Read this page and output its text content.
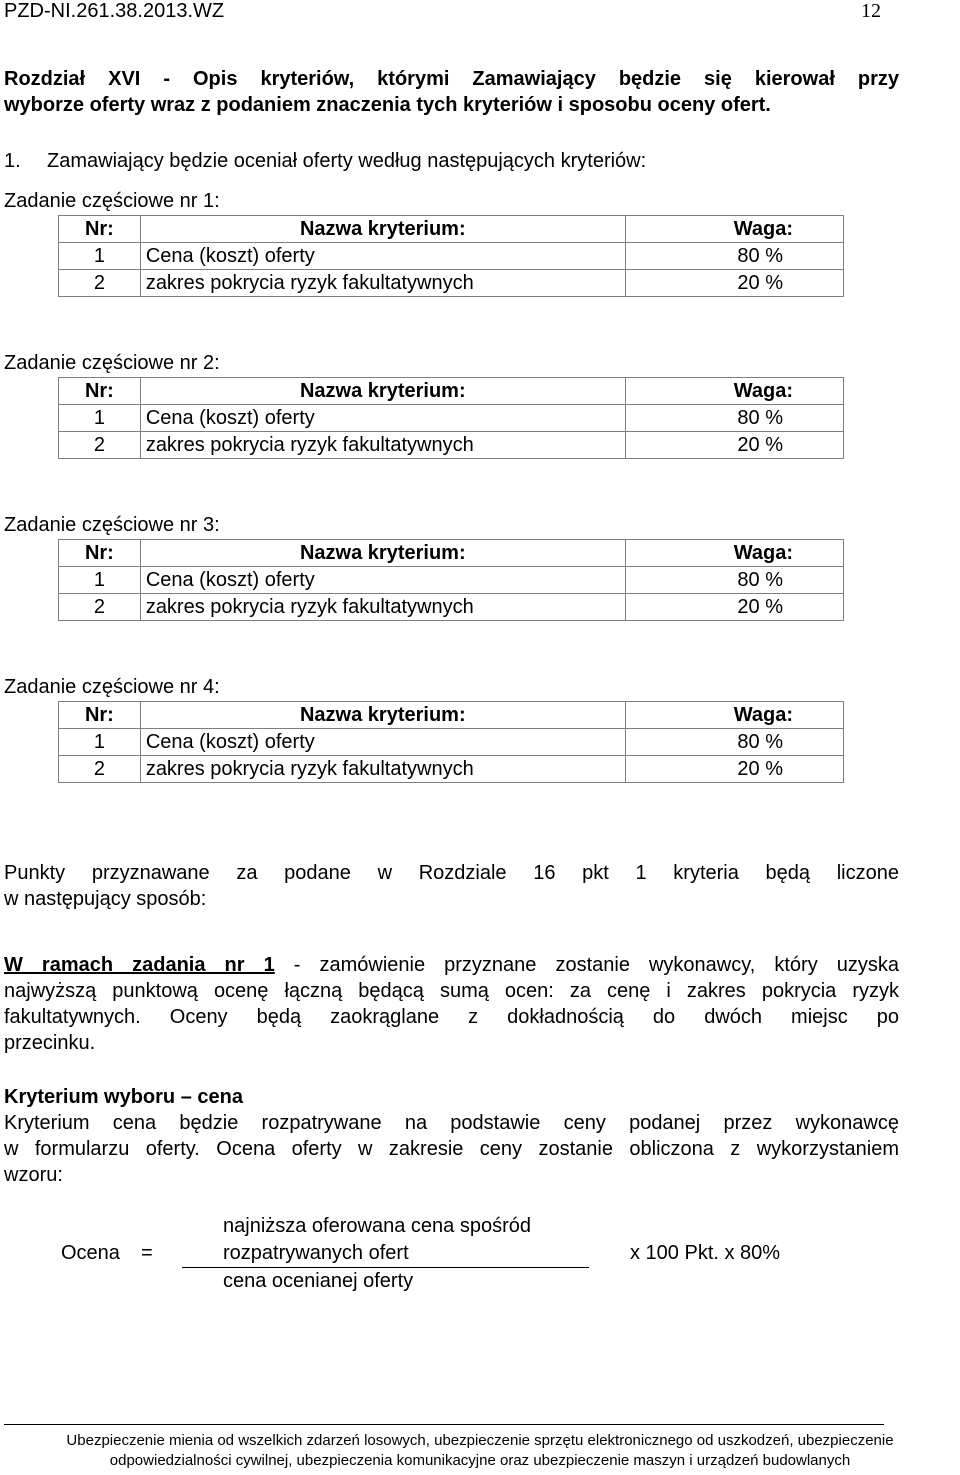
PZD-NI.261.38.2013.WZ	12
Rozdział XVI - Opis kryteriów, którymi Zamawiający będzie się kierował przy
wyborze oferty wraz z podaniem znaczenia tych kryteriów i sposobu oceny ofert.
1. Zamawiający będzie oceniał oferty według następujących kryteriów:
Zadanie częściowe nr 1:
Nr:	Nazwa kryterium:	Waga:
1	Cena (koszt) oferty	80 %
2	zakres pokrycia ryzyk fakultatywnych	20 %
Zadanie częściowe nr 2:
Nr:	Nazwa kryterium:	Waga:
1	Cena (koszt) oferty	80 %
2	zakres pokrycia ryzyk fakultatywnych	20 %
Zadanie częściowe nr 3:
Nr:	Nazwa kryterium:	Waga:
1	Cena (koszt) oferty	80 %
2	zakres pokrycia ryzyk fakultatywnych	20 %
Zadanie częściowe nr 4:
Nr:	Nazwa kryterium:	Waga:
1	Cena (koszt) oferty	80 %
2	zakres pokrycia ryzyk fakultatywnych	20 %
Punkty przyznawane za podane w Rozdziale 16 pkt 1 kryteria będą liczone
w następujący sposób:
W ramach zadania nr 1 - zamówienie przyznane zostanie wykonawcy, który uzyska
najwyższą punktową ocenę łączną będącą sumą ocen: za cenę i zakres pokrycia ryzyk
fakultatywnych. Oceny będą zaokrąglane z dokładnością do dwóch miejsc po
przecinku.
Kryterium wyboru – cena
Kryterium cena będzie rozpatrywane na podstawie ceny podanej przez wykonawcę
w formularzu oferty. Ocena oferty w zakresie ceny zostanie obliczona z wykorzystaniem
wzoru:
najniższa oferowana cena spośród
rozpatrywanych ofert
Ocena =
cena ocenianej oferty
x 100 Pkt. x 80%
Ubezpieczenie mienia od wszelkich zdarzeń losowych, ubezpieczenie sprzętu elektronicznego od uszkodzeń, ubezpieczenie
odpowiedzialności cywilnej, ubezpieczenia komunikacyjne oraz ubezpieczenie maszyn i urządzeń budowlanych
